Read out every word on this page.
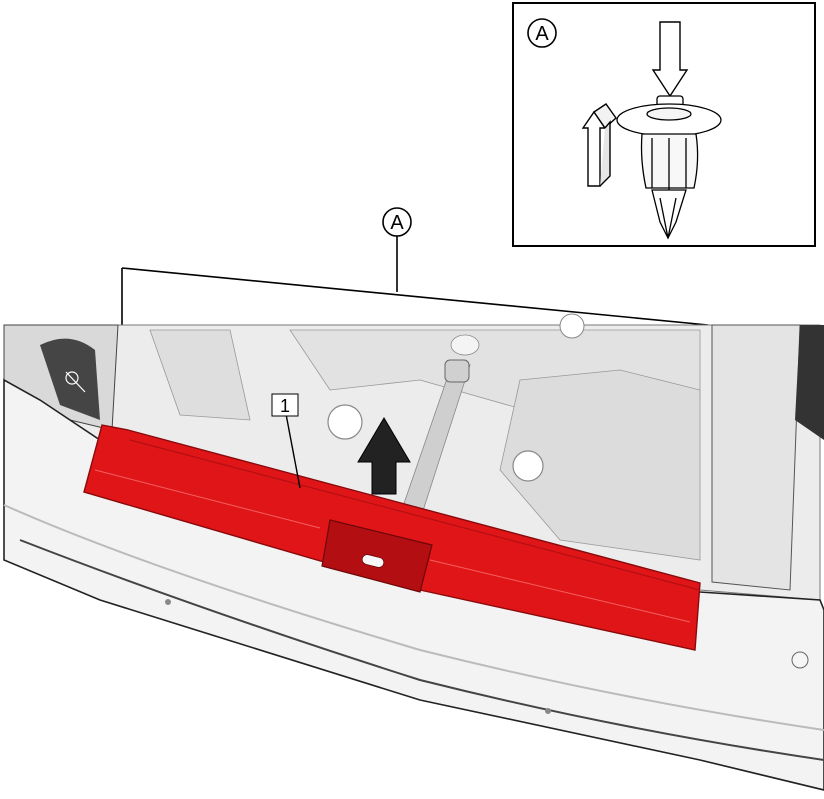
A
A
1
